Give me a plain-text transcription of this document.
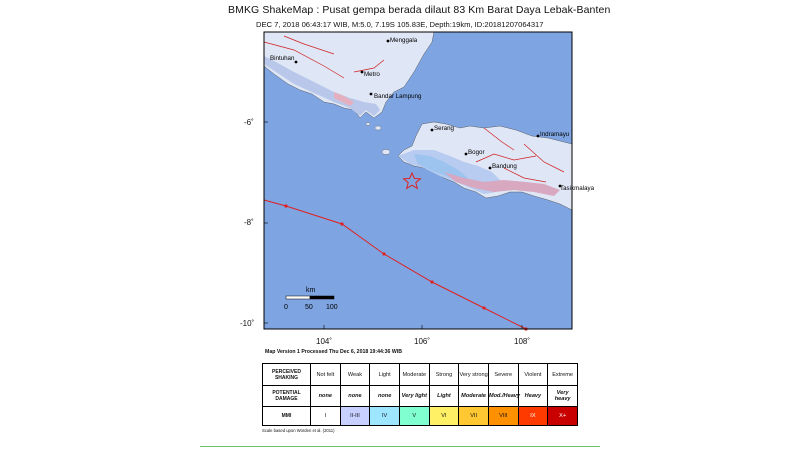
BMKG ShakeMap : Pusat gempa berada dilaut 83 Km Barat Daya Lebak-Banten
DEC 7, 2018 06:43:17 WIB, M:5.0, 7.19S 105.83E, Depth:19km, ID:20181207064317
-6˚
-8˚
-10˚
104˚	106˚	108˚
Menggala
Bintuhan
Metro
Bandar Lampung
Serang
Indramayu
Bogor
Bandung
Tasikmalaya
km
0 50 100
Map Version 1 Processed Thu Dec 6, 2018 19:44:36 WIB
PERCEIVED SHAKING	Not felt	Weak	Light	Moderate	Strong	Very strong	Severe	Violent	Extreme
POTENTIAL DAMAGE	none	none	none	Very light	Light	Moderate	Mod./Heavy	Heavy	Very heavy
MMI	I	II-III	IV	V	VI	VII	VIII	IX	X+
Scale based upon Worden et al. (2011)
